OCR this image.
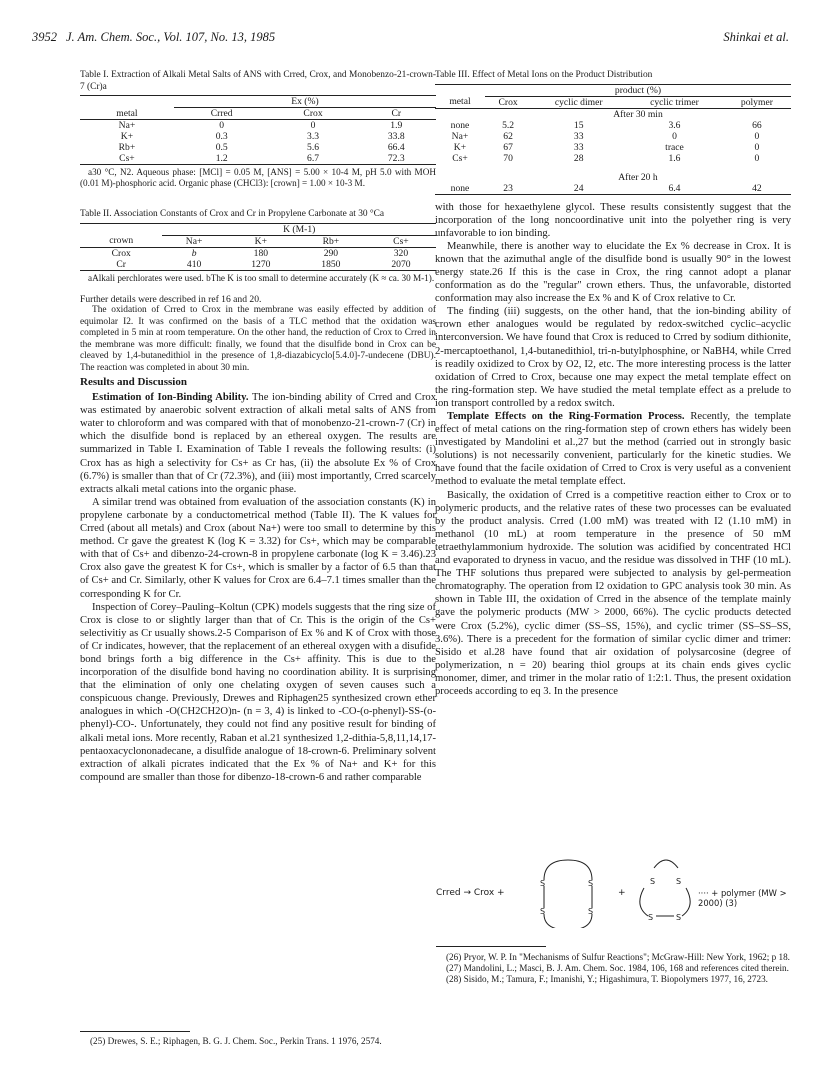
3952 J. Am. Chem. Soc., Vol. 107, No. 13, 1985	Shinkai et al.

Table I. Extraction of Alkali Metal Salts of ANS with Crred, Crox, and Monobenzo-21-crown-7 (Cr)a

	Ex (%)		
metal	Crred	Crox	Cr
Na+	0	0	1.9
K+	0.3	3.3	33.8
Rb+	0.5	5.6	66.4
Cs+	1.2	6.7	72.3

a30 °C, N2. Aqueous phase: [MCl] = 0.05 M, [ANS] = 5.00 × 10-4 M, pH 5.0 with MOH (0.01 M)-phosphoric acid. Organic phase (CHCl3): [crown] = 1.00 × 10-3 M.

Table II. Association Constants of Crox and Cr in Propylene Carbonate at 30 °Ca

	K (M-1)			
crown	Na+	K+	Rb+	Cs+
Crox	b	180	290	320
Cr	410	1270	1850	2070

aAlkali perchlorates were used. bThe K is too small to determine accurately (K ≈ ca. 30 M-1).

Further details were described in ref 16 and 20.

The oxidation of Crred to Crox in the membrane was easily effected by addition of equimolar I2. It was confirmed on the basis of a TLC method that the oxidation was completed in 5 min at room temperature. On the other hand, the reduction of Crox to Crred in the membrane was more difficult: finally, we found that the disulfide bond in Crox can be cleaved by 1,4-butanedithiol in the presence of 1,8-diazabicyclo[5.4.0]-7-undecene (DBU). The reaction was completed in about 30 min.

Results and Discussion

Estimation of Ion-Binding Ability. The ion-binding ability of Crred and Crox was estimated by anaerobic solvent extraction of alkali metal salts of ANS from water to chloroform and was compared with that of monobenzo-21-crown-7 (Cr) in which the disulfide bond is replaced by an ethereal oxygen. The results are summarized in Table I. Examination of Table I reveals the following results: (i) Crox has as high a selectivity for Cs+ as Cr has, (ii) the absolute Ex % of Crox (6.7%) is smaller than that of Cr (72.3%), and (iii) most importantly, Crred scarcely extracts alkali metal cations into the organic phase.

A similar trend was obtained from evaluation of the association constants (K) in propylene carbonate by a conductometrical method (Table II). The K values for Crred (about all metals) and Crox (about Na+) were too small to determine by this method. Cr gave the greatest K (log K = 3.32) for Cs+, which may be comparable with that of Cs+ and dibenzo-24-crown-8 in propylene carbonate (log K = 3.46).23 Crox also gave the greatest K for Cs+, which is smaller by a factor of 6.5 than that of Cs+ and Cr. Similarly, other K values for Crox are 6.4–7.1 times smaller than the corresponding K for Cr.

Inspection of Corey–Pauling–Koltun (CPK) models suggests that the ring size of Crox is close to or slightly larger than that of Cr. This is the origin of the Cs+ selectivitiy as Cr usually shows.2-5 Comparison of Ex % and K of Crox with those of Cr indicates, however, that the replacement of an ethereal oxygen with a disufide bond brings forth a big difference in the Cs+ affinity. This is due to the incorporation of the disulfide bond having no coordination ability. It is surprising that the elimination of only one chelating oxygen of seven causes such a conspicuous change. Previously, Drewes and Riphagen25 synthesized crown ether analogues in which -O(CH2CH2O)n- (n = 3, 4) is linked to -CO-(o-phenyl)-SS-(o-phenyl)-CO-. Unfortunately, they could not find any positive result for binding of alkali metal ions. More recently, Raban et al.21 synthesized 1,2-dithia-5,8,11,14,17-pentaoxacyclononadecane, a disulfide analogue of 18-crown-6. Preliminary solvent extraction of alkali picrates indicated that the Ex % of Na+ and K+ for this compound are smaller than those for dibenzo-18-crown-6 and rather comparable

(25) Drewes, S. E.; Riphagen, B. G. J. Chem. Soc., Perkin Trans. 1 1976, 2574.

Table III. Effect of Metal Ions on the Product Distribution

	product (%)			
metal	Crox	cyclic dimer	cyclic trimer	polymer
	After 30 min			
none	5.2	15	3.6	66
Na+	62	33	0	0
K+	67	33	trace	0
Cs+	70	28	1.6	0

	After 20 h			
none	23	24	6.4	42

with those for hexaethylene glycol. These results consistently suggest that the incorporation of the long noncoordinative unit into the polyether ring is very unfavorable to ion binding.

Meanwhile, there is another way to elucidate the Ex % decrease in Crox. It is known that the azimuthal angle of the disulfide bond is usually 90° in the lowest energy state.26 If this is the case in Crox, the ring cannot adopt a planar conformation as do the "regular" crown ethers. Thus, the unfavorable, distorted conformation may also increase the Ex % and K of Crox relative to Cr.

The finding (iii) suggests, on the other hand, that the ion-binding ability of crown ether analogues would be regulated by redox-switched cyclic–acyclic interconversion. We have found that Crox is reduced to Crred by sodium dithionite, 2-mercaptoethanol, 1,4-butanedithiol, tri-n-butylphosphine, or NaBH4, while Crred is readily oxidized to Crox by O2, I2, etc. The more interesting process is the latter oxidation of Crred to Crox, because one may expect the metal template effect on the ring-formation step. We have studied the metal template effect as a prelude to ion transport controlled by a redox switch.

Template Effects on the Ring-Formation Process. Recently, the template effect of metal cations on the ring-formation step of crown ethers has widely been investigated by Mandolini et al.,27 but the method (carried out in strongly basic solutions) is not necessarily convenient, particularly for the kinetic studies. We have found that the facile oxidation of Crred to Crox is very useful as a convenient method to evaluate the metal template effect.

Basically, the oxidation of Crred is a competitive reaction either to Crox or to polymeric products, and the relative rates of these two processes can be evaluated by the product analysis. Crred (1.00 mM) was treated with I2 (1.10 mM) in methanol (10 mL) at room temperature in the presence of 50 mM tetraethylammonium hydroxide. The solution was acidified by concentrated HCl and evaporated to dryness in vacuo, and the residue was dissolved in THF (10 mL). The THF solutions thus prepared were subjected to analysis by gel-permeation chromatography. The operation from I2 oxidation to GPC analysis took 30 min. As shown in Table III, the oxidation of Crred in the absence of the template mainly gave the polymeric products (MW > 2000, 66%). The cyclic products detected were Crox (5.2%), cyclic dimer (SS–SS, 15%), and cyclic trimer (SS–SS–SS, 3.6%). There is a precedent for the formation of similar cyclic dimer and trimer: Sisido et al.28 have found that air oxidation of polysarcosine (degree of polymerization, n = 20) bearing thiol groups at its chain ends gives cyclic monomer, dimer, and trimer in the molar ratio of 1:2:1. Thus, the present oxidation proceeds according to eq 3. In the presence

Crred → Crox +
S
S
S
S
S	S
S	S
+	···· + polymer (MW > 2000) (3)

(26) Pryor, W. P. In "Mechanisms of Sulfur Reactions"; McGraw-Hill: New York, 1962; p 18.

(27) Mandolini, L.; Masci, B. J. Am. Chem. Soc. 1984, 106, 168 and references cited therein.

(28) Sisido, M.; Tamura, F.; Imanishi, Y.; Higashimura, T. Biopolymers 1977, 16, 2723.
